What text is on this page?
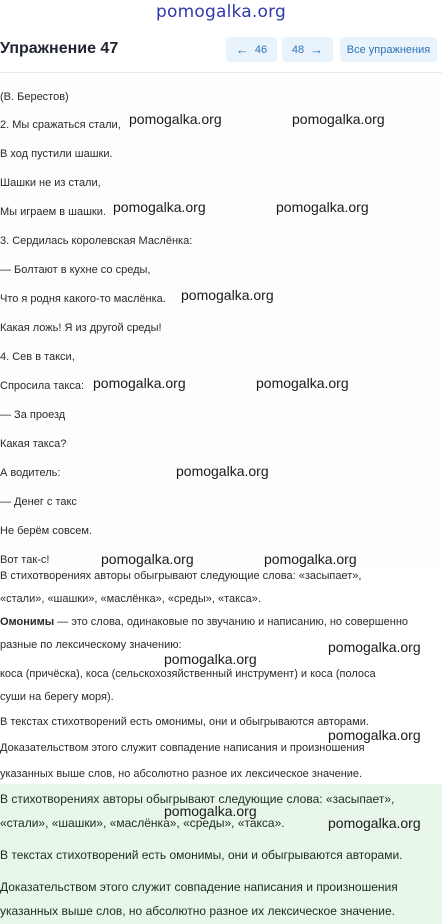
pomogalka.org
Упражнение 47	← 46 48 →	Все упражнения
(В. Берестов)
2. Мы сражаться стали,
В ход пустили шашки.
Шашки не из стали,
Мы играем в шашки.
3. Сердилась королевская Маслёнка:
— Болтают в кухне со среды,
Что я родня какого-то маслёнка.
Какая ложь! Я из другой среды!
4. Сев в такси,
Спросила такса:
— За проезд
Какая такса?
А водитель:
— Денег с такс
Не берём совсем.
Вот так-с!
В стихотворениях авторы обыгрывают следующие слова: «засыпает»,
«стали», «шашки», «маслёнка», «среды», «такса».
Омонимы — это слова, одинаковые по звучанию и написанию, но совершенно
разные по лексическому значению:
коса (причёска), коса (сельскохозяйственный инструмент) и коса (полоса
суши на берегу моря).
В текстах стихотворений есть омонимы, они и обыгрываются авторами.
Доказательством этого служит совпадение написания и произношения
указанных выше слов, но абсолютно разное их лексическое значение.
В стихотворениях авторы обыгрывают следующие слова: «засыпает»,
«стали», «шашки», «маслёнка», «среды», «такса».
В текстах стихотворений есть омонимы, они и обыгрываются авторами.
Доказательством этого служит совпадение написания и произношения
указанных выше слов, но абсолютно разное их лексическое значение.
pomogalka.org	pomogalka.org
pomogalka.org	pomogalka.org
pomogalka.org
pomogalka.org	pomogalka.org
pomogalka.org
pomogalka.org	pomogalka.org
pomogalka.org
pomogalka.org
pomogalka.org
pomogalka.org
pomogalka.org
